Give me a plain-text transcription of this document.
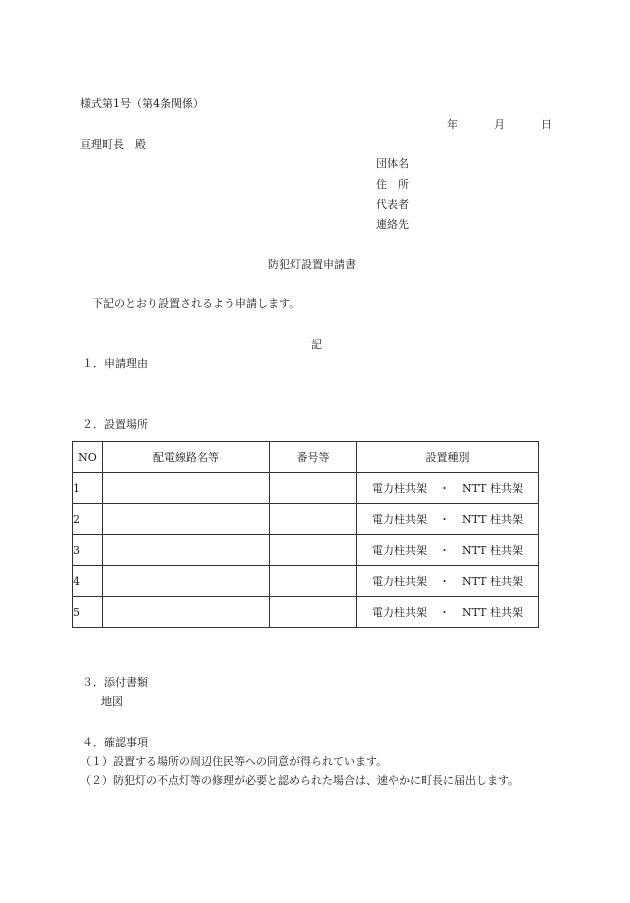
様式第1号（第4条関係）
年	月	日
亘理町長　殿
団体名
住　所
代表者
連絡先
防犯灯設置申請書
下記のとおり設置されるよう申請します。
記
１．申請理由
２．設置場所
NO	配電線路名等	番号等	設置種別
1			電力柱共架 ・ NTT 柱共架
2			電力柱共架 ・ NTT 柱共架
3			電力柱共架 ・ NTT 柱共架
4			電力柱共架 ・ NTT 柱共架
5			電力柱共架 ・ NTT 柱共架
３．添付書類
地図
４．確認事項
（１）設置する場所の周辺住民等への同意が得られています。
（２）防犯灯の不点灯等の修理が必要と認められた場合は、速やかに町長に届出します。
